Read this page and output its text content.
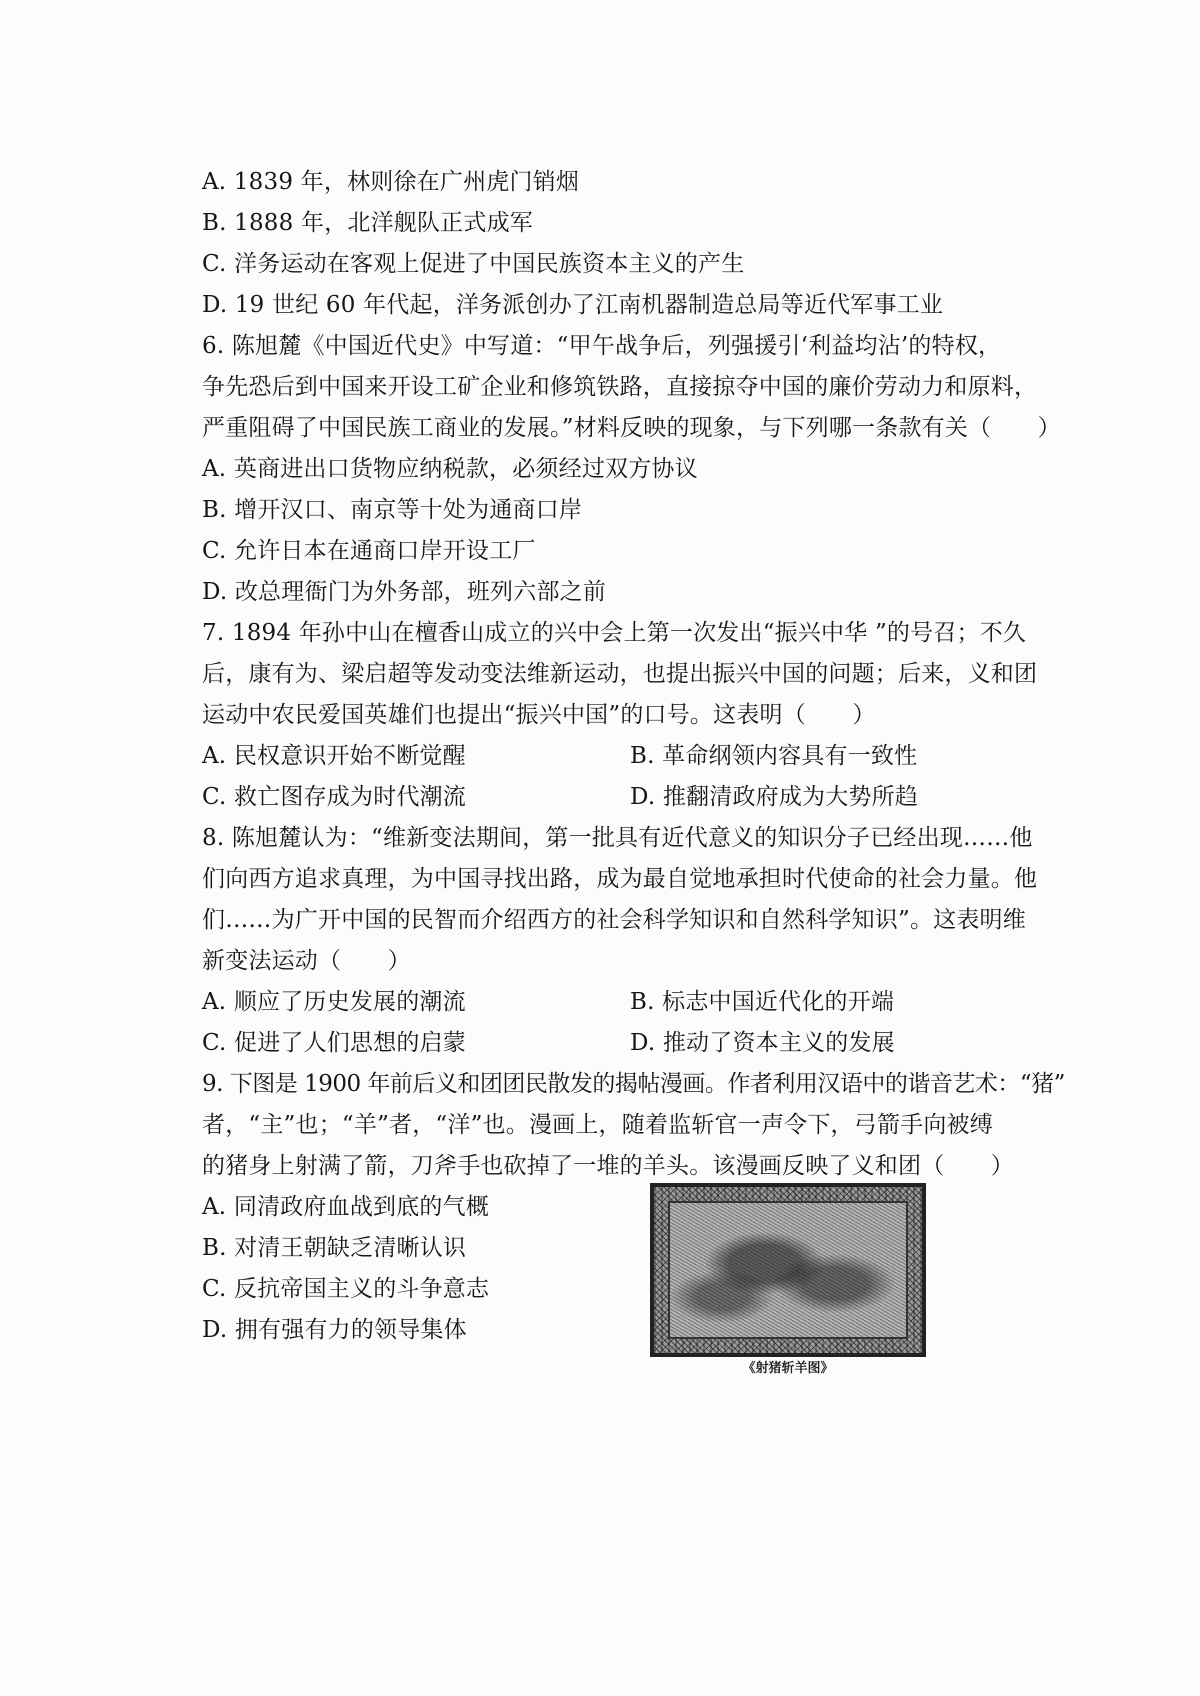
A. 1839 年，林则徐在广州虎门销烟
B. 1888 年，北洋舰队正式成军
C. 洋务运动在客观上促进了中国民族资本主义的产生
D. 19 世纪 60 年代起，洋务派创办了江南机器制造总局等近代军事工业
6. 陈旭麓《中国近代史》中写道：“甲午战争后，列强援引‘利益均沾’的特权，
争先恐后到中国来开设工矿企业和修筑铁路，直接掠夺中国的廉价劳动力和原料，
严重阻碍了中国民族工商业的发展。”材料反映的现象，与下列哪一条款有关（　　）
A. 英商进出口货物应纳税款，必须经过双方协议
B. 增开汉口、南京等十处为通商口岸
C. 允许日本在通商口岸开设工厂
D. 改总理衙门为外务部，班列六部之前
7. 1894 年孙中山在檀香山成立的兴中会上第一次发出“振兴中华 ”的号召；不久
后，康有为、梁启超等发动变法维新运动，也提出振兴中国的问题；后来，义和团
运动中农民爱国英雄们也提出“振兴中国”的口号。这表明（　　）
A. 民权意识开始不断觉醒	B. 革命纲领内容具有一致性
C. 救亡图存成为时代潮流	D. 推翻清政府成为大势所趋
8. 陈旭麓认为：“维新变法期间，第一批具有近代意义的知识分子已经出现……他
们向西方追求真理，为中国寻找出路，成为最自觉地承担时代使命的社会力量。他
们……为广开中国的民智而介绍西方的社会科学知识和自然科学知识”。这表明维
新变法运动（　　）
A. 顺应了历史发展的潮流	B. 标志中国近代化的开端
C. 促进了人们思想的启蒙	D. 推动了资本主义的发展
9. 下图是 1900 年前后义和团团民散发的揭帖漫画。作者利用汉语中的谐音艺术：“猪”
者，“主”也；“羊”者，“洋”也。漫画上，随着监斩官一声令下，弓箭手向被缚
的猪身上射满了箭，刀斧手也砍掉了一堆的羊头。该漫画反映了义和团（　　）
A. 同清政府血战到底的气概
B. 对清王朝缺乏清晰认识
C. 反抗帝国主义的斗争意志
D. 拥有强有力的领导集体
《射猪斩羊图》
